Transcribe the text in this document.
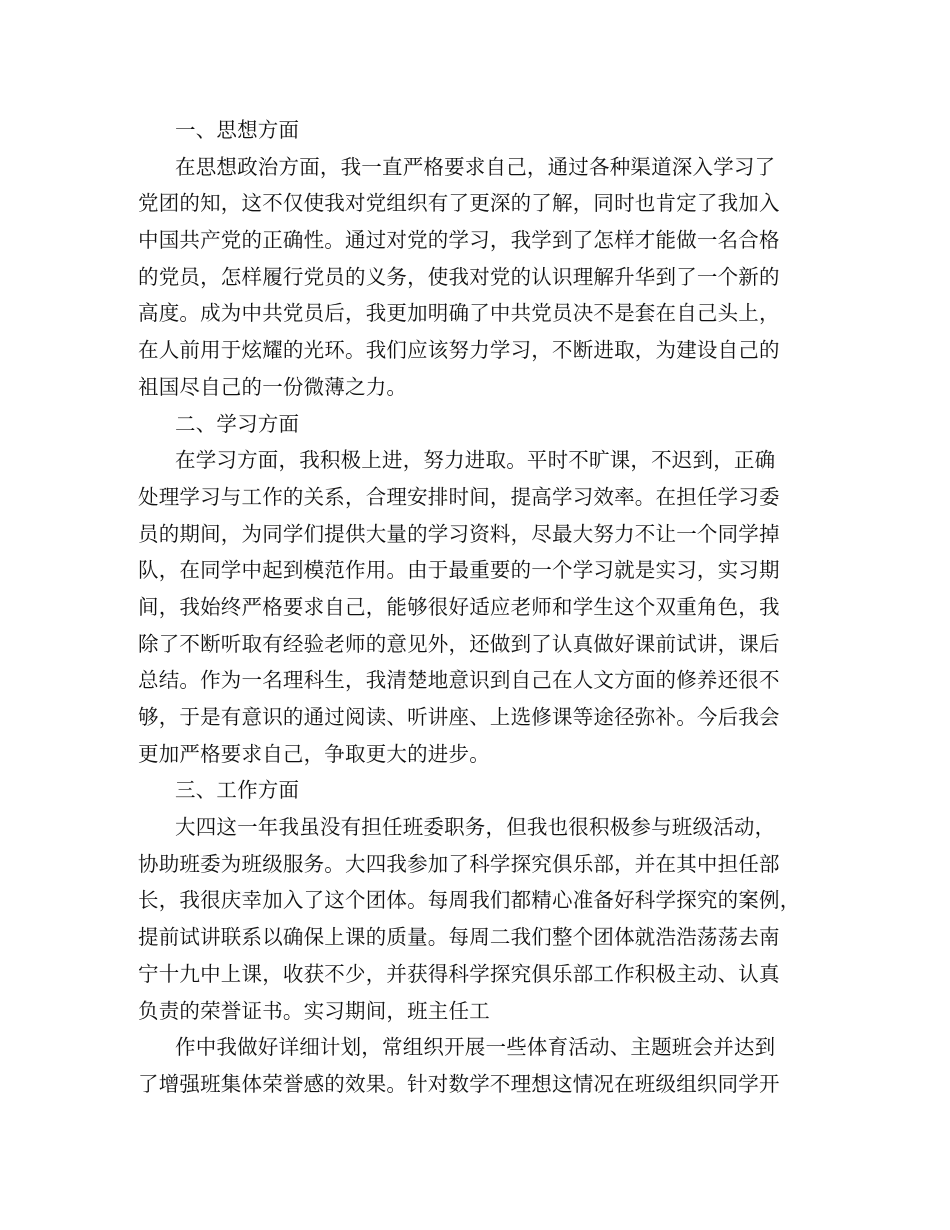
一、思想方面
在思想政治方面，我一直严格要求自己，通过各种渠道深入学习了
党团的知，这不仅使我对党组织有了更深的了解，同时也肯定了我加入
中国共产党的正确性。通过对党的学习，我学到了怎样才能做一名合格
的党员，怎样履行党员的义务，使我对党的认识理解升华到了一个新的
高度。成为中共党员后，我更加明确了中共党员决不是套在自己头上，
在人前用于炫耀的光环。我们应该努力学习，不断进取，为建设自己的
祖国尽自己的一份微薄之力。
二、学习方面
在学习方面，我积极上进，努力进取。平时不旷课，不迟到，正确
处理学习与工作的关系，合理安排时间，提高学习效率。在担任学习委
员的期间，为同学们提供大量的学习资料，尽最大努力不让一个同学掉
队，在同学中起到模范作用。由于最重要的一个学习就是实习，实习期
间，我始终严格要求自己，能够很好适应老师和学生这个双重角色，我
除了不断听取有经验老师的意见外，还做到了认真做好课前试讲，课后
总结。作为一名理科生，我清楚地意识到自己在人文方面的修养还很不
够，于是有意识的通过阅读、听讲座、上选修课等途径弥补。今后我会
更加严格要求自己，争取更大的进步。
三、工作方面
大四这一年我虽没有担任班委职务，但我也很积极参与班级活动，
协助班委为班级服务。大四我参加了科学探究俱乐部，并在其中担任部
长，我很庆幸加入了这个团体。每周我们都精心准备好科学探究的案例，
提前试讲联系以确保上课的质量。每周二我们整个团体就浩浩荡荡去南
宁十九中上课，收获不少，并获得科学探究俱乐部工作积极主动、认真
负责的荣誉证书。实习期间，班主任工
作中我做好详细计划，常组织开展一些体育活动、主题班会并达到
了增强班集体荣誉感的效果。针对数学不理想这情况在班级组织同学开
